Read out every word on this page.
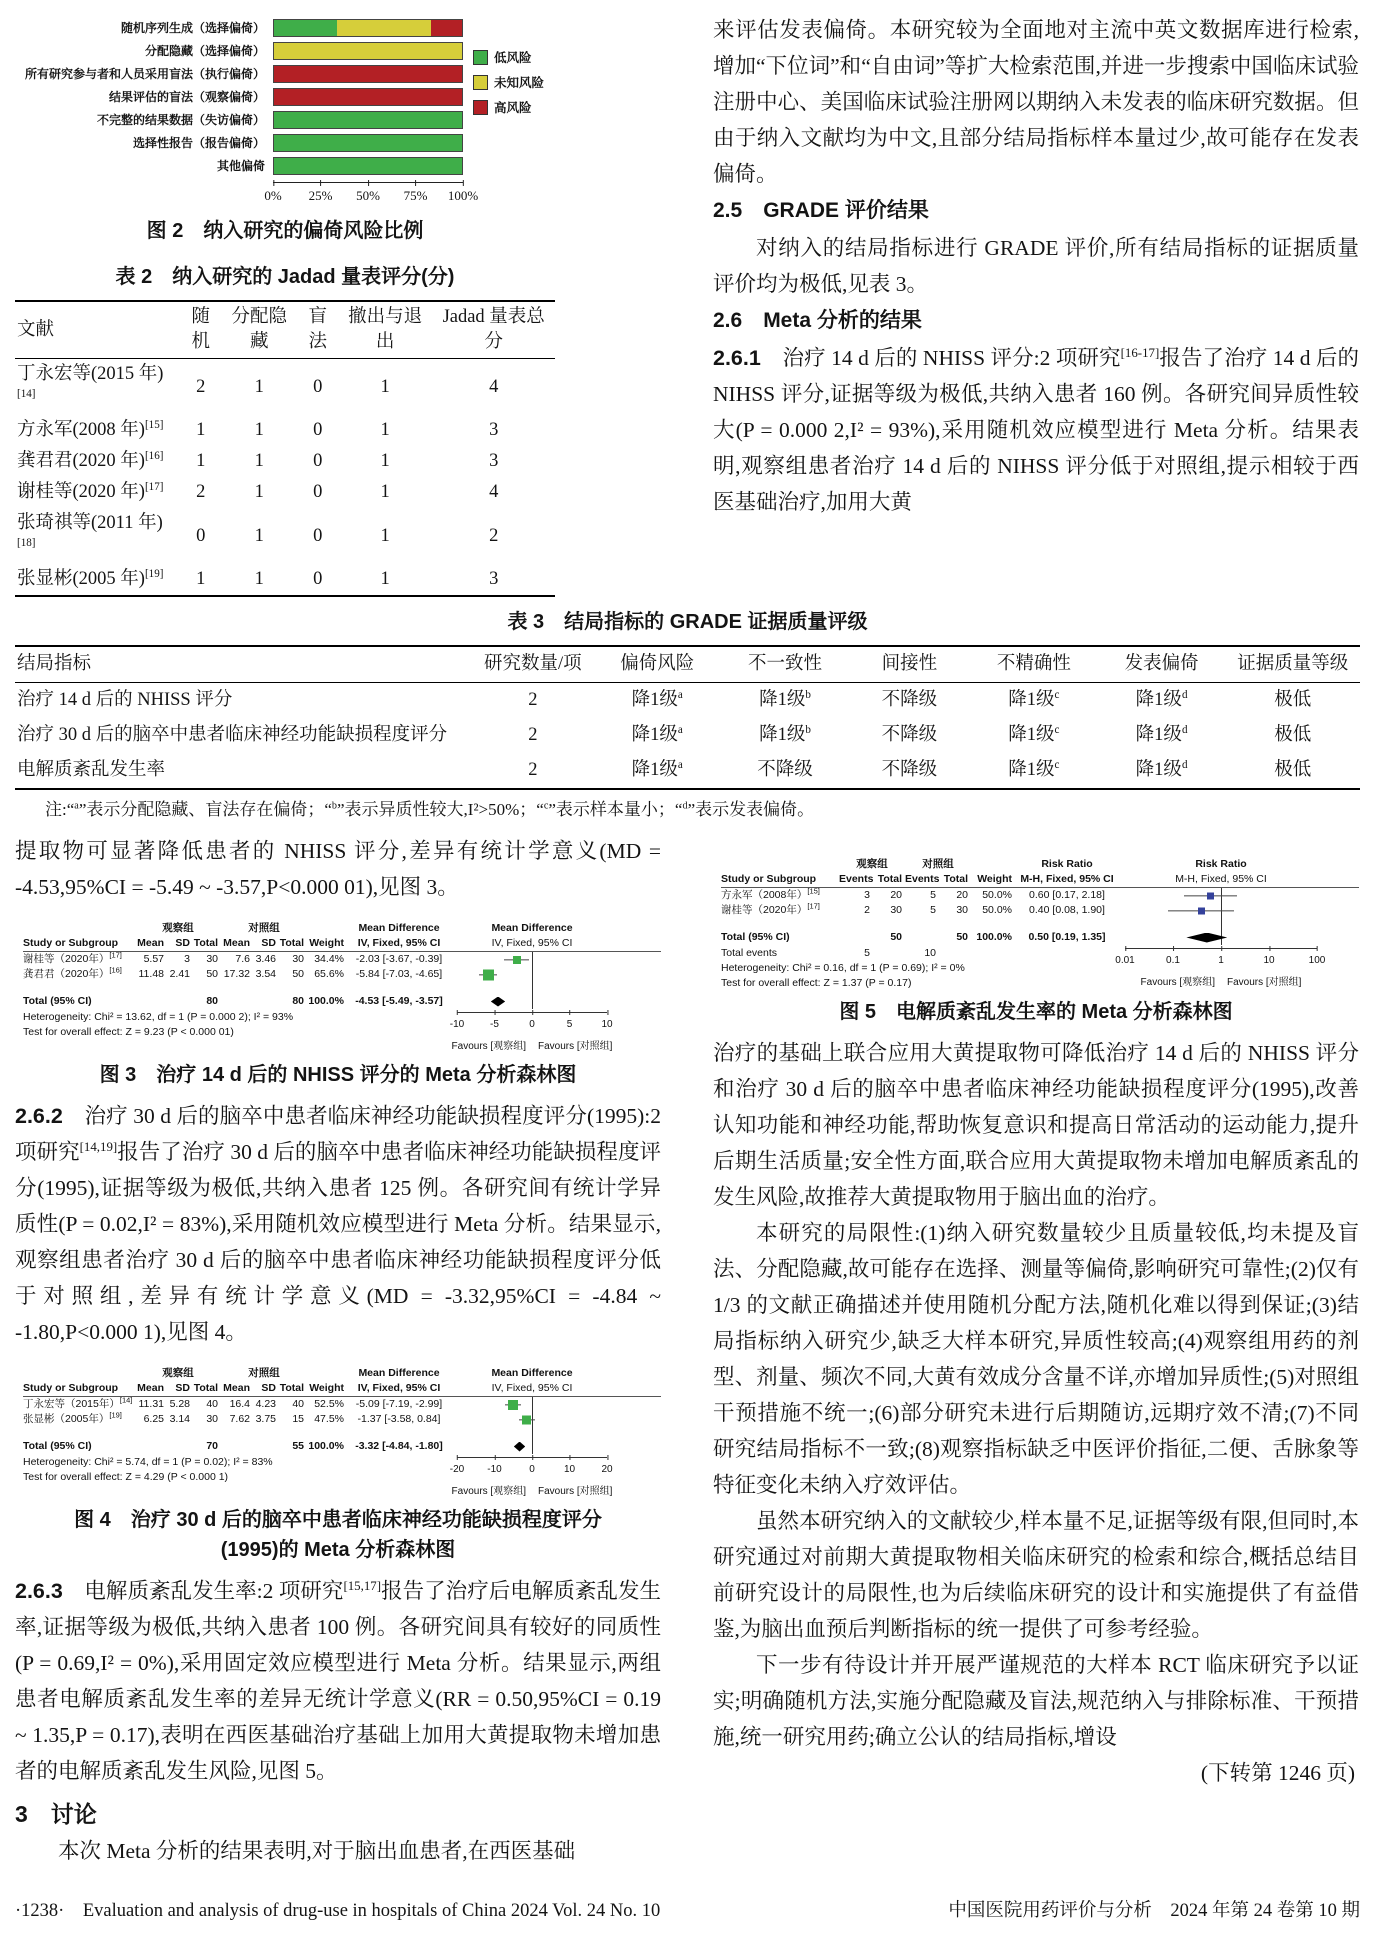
随机序列生成（选择偏倚）
分配隐藏（选择偏倚）
所有研究参与者和人员采用盲法（执行偏倚）
结果评估的盲法（观察偏倚）
不完整的结果数据（失访偏倚）
选择性报告（报告偏倚）
其他偏倚
0% 25% 50% 75% 100%
低风险
未知风险
高风险
图 2　纳入研究的偏倚风险比例
表 2　纳入研究的 Jadad 量表评分(分)
文献	随机	分配隐藏	盲法	撤出与退出	Jadad 量表总分
丁永宏等(2015 年)[14]	2	1	0	1	4
方永军(2008 年)[15]	1	1	0	1	3
龚君君(2020 年)[16]	1	1	0	1	3
谢桂等(2020 年)[17]	2	1	0	1	4
张琦祺等(2011 年)[18]	0	1	0	1	2
张显彬(2005 年)[19]	1	1	0	1	3

来评估发表偏倚。本研究较为全面地对主流中英文数据库进行检索,增加“下位词”和“自由词”等扩大检索范围,并进一步搜索中国临床试验注册中心、美国临床试验注册网以期纳入未发表的临床研究数据。但由于纳入文献均为中文,且部分结局指标样本量过少,故可能存在发表偏倚。

2.5　GRADE 评价结果

对纳入的结局指标进行 GRADE 评价,所有结局指标的证据质量评价均为极低,见表 3。

2.6　Meta 分析的结果

2.6.1　治疗 14 d 后的 NHISS 评分:2 项研究[16-17]报告了治疗 14 d 后的 NIHSS 评分,证据等级为极低,共纳入患者 160 例。各研究间异质性较大(P = 0.000 2,I² = 93%),采用随机效应模型进行 Meta 分析。结果表明,观察组患者治疗 14 d 后的 NIHSS 评分低于对照组,提示相较于西医基础治疗,加用大黄

表 3　结局指标的 GRADE 证据质量评级
结局指标	研究数量/项	偏倚风险	不一致性	间接性	不精确性	发表偏倚	证据质量等级
治疗 14 d 后的 NHISS 评分	2	降1级$^a$	降1级$^b$	不降级	降1级$^c$	降1级$^d$	极低
治疗 30 d 后的脑卒中患者临床神经功能缺损程度评分	2	降1级$^a$	降1级$^b$	不降级	降1级$^c$	降1级$^d$	极低
电解质紊乱发生率	2	降1级$^a$	不降级	不降级	降1级$^c$	降1级$^d$	极低
注:“$^a$”表示分配隐藏、盲法存在偏倚；“$^b$”表示异质性较大,I²>50%；“$^c$”表示样本量小；“$^d$”表示发表偏倚。

提取物可显著降低患者的 NHISS 评分,差异有统计学意义(MD = -4.53,95%CI = -5.49 ~ -3.57,P<0.000 01),见图 3。

观察组	对照组	Mean Difference	Mean Difference
Study or Subgroup	Mean	SD Total Mean	SD Total Weight	IV, Fixed, 95% CI	IV, Fixed, 95% CI
谢桂等（2020年）[17]	5.57	3	30	7.6 3.46	30 34.4%	-2.03 [-3.67, -0.39]
龚君君（2020年）[16]	11.48 2.41	50 17.32 3.54	50 65.6%	-5.84 [-7.03, -4.65]
Total (95% CI)	80	80 100.0%	-4.53 [-5.49, -3.57]
Heterogeneity: Chi² = 13.62, df = 1 (P = 0.000 2); I² = 93%
Test for overall effect: Z = 9.23 (P < 0.000 01)
-10	-5	0	5	10
Favours [观察组] Favours [对照组]
图 3　治疗 14 d 后的 NHISS 评分的 Meta 分析森林图

2.6.2　治疗 30 d 后的脑卒中患者临床神经功能缺损程度评分(1995):2 项研究[14,19]报告了治疗 30 d 后的脑卒中患者临床神经功能缺损程度评分(1995),证据等级为极低,共纳入患者 125 例。各研究间有统计学异质性(P = 0.02,I² = 83%),采用随机效应模型进行 Meta 分析。结果显示,观察组患者治疗 30 d 后的脑卒中患者临床神经功能缺损程度评分低于对照组,差异有统计学意义(MD = -3.32,95%CI = -4.84 ~ -1.80,P<0.000 1),见图 4。

观察组	对照组	Mean Difference	Mean Difference
Study or Subgroup	Mean	SD Total Mean	SD Total Weight	IV, Fixed, 95% CI	IV, Fixed, 95% CI
丁永宏等（2015年）[14] 11.31 5.28	40	16.4 4.23	40 52.5%	-5.09 [-7.19, -2.99]
张显彬（2005年）[19]	6.25 3.14	30	7.62 3.75	15 47.5%	-1.37 [-3.58, 0.84]
Total (95% CI)	70	55 100.0%	-3.32 [-4.84, -1.80]
Heterogeneity: Chi² = 5.74, df = 1 (P = 0.02); I² = 83%
Test for overall effect: Z = 4.29 (P < 0.000 1)
-20 -10	0	10	20
Favours [观察组] Favours [对照组]
图 4　治疗 30 d 后的脑卒中患者临床神经功能缺损程度评分
(1995)的 Meta 分析森林图

2.6.3　电解质紊乱发生率:2 项研究[15,17]报告了治疗后电解质紊乱发生率,证据等级为极低,共纳入患者 100 例。各研究间具有较好的同质性(P = 0.69,I² = 0%),采用固定效应模型进行 Meta 分析。结果显示,两组患者电解质紊乱发生率的差异无统计学意义(RR = 0.50,95%CI = 0.19 ~ 1.35,P = 0.17),表明在西医基础治疗基础上加用大黄提取物未增加患者的电解质紊乱发生风险,见图 5。

3　讨论

本次 Meta 分析的结果表明,对于脑出血患者,在西医基础

观察组	对照组	Risk Ratio	Risk Ratio
Study or Subgroup	Events Total Events Total Weight M-H, Fixed, 95% CI	M-H, Fixed, 95% CI
方永军（2008年）[15]	3	20	5	20	50.0%	0.60 [0.17, 2.18]
谢桂等（2020年）[17]	2	30	5	30	50.0%	0.40 [0.08, 1.90]
Total (95% CI)	50	50 100.0%	0.50 [0.19, 1.35]
Total events	5	10
Heterogeneity: Chi² = 0.16, df = 1 (P = 0.69); I² = 0%
Test for overall effect: Z = 1.37 (P = 0.17)
0.01	0.1	1	10	100
Favours [观察组] Favours [对照组]
图 5　电解质紊乱发生率的 Meta 分析森林图

治疗的基础上联合应用大黄提取物可降低治疗 14 d 后的 NHISS 评分和治疗 30 d 后的脑卒中患者临床神经功能缺损程度评分(1995),改善认知功能和神经功能,帮助恢复意识和提高日常活动的运动能力,提升后期生活质量;安全性方面,联合应用大黄提取物未增加电解质紊乱的发生风险,故推荐大黄提取物用于脑出血的治疗。

本研究的局限性:(1)纳入研究数量较少且质量较低,均未提及盲法、分配隐藏,故可能存在选择、测量等偏倚,影响研究可靠性;(2)仅有 1/3 的文献正确描述并使用随机分配方法,随机化难以得到保证;(3)结局指标纳入研究少,缺乏大样本研究,异质性较高;(4)观察组用药的剂型、剂量、频次不同,大黄有效成分含量不详,亦增加异质性;(5)对照组干预措施不统一;(6)部分研究未进行后期随访,远期疗效不清;(7)不同研究结局指标不一致;(8)观察指标缺乏中医评价指征,二便、舌脉象等特征变化未纳入疗效评估。

虽然本研究纳入的文献较少,样本量不足,证据等级有限,但同时,本研究通过对前期大黄提取物相关临床研究的检索和综合,概括总结目前研究设计的局限性,也为后续临床研究的设计和实施提供了有益借鉴,为脑出血预后判断指标的统一提供了可参考经验。

下一步有待设计并开展严谨规范的大样本 RCT 临床研究予以证实;明确随机方法,实施分配隐藏及盲法,规范纳入与排除标准、干预措施,统一研究用药;确立公认的结局指标,增设

(下转第 1246 页)

·1238·　Evaluation and analysis of drug-use in hospitals of China 2024 Vol. 24 No. 10	中国医院用药评价与分析　2024 年第 24 卷第 10 期
